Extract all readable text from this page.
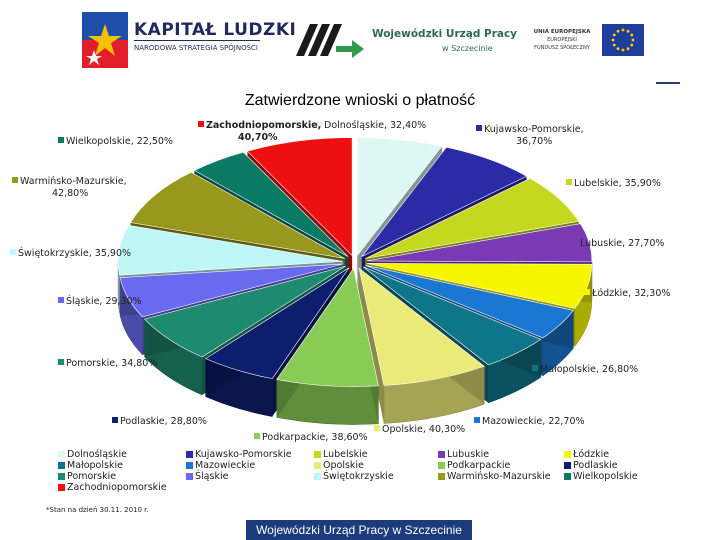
KAPITAŁ LUDZKI
NARODOWA STRATEGIA SPÓJNOŚCI
Wojewódzki Urząd Pracy
w Szczecinie
UNIA EUROPEJSKA
EUROPEJSKI
FUNDUSZ SPOŁECZNY
Zatwierdzone wnioski o płatność
Dolnośląskie, 32,40%	Kujawsko-Pomorskie, 36,70%
Lubelskie, 35,90%
Lubuskie, 27,70%
Łódzkie, 32,30%
Mazowieckie, 22,70%
Małopolskie, 26,80%
Opolskie, 40,30%
Podkarpackie, 38,60%
Podlaskie, 28,80%
Pomorskie, 34,80%
Śląskie, 29,30%
Świętokrzyskie, 35,90%
Warmińsko-Mazurskie, 42,80%
Wielkopolskie, 22,50%
Zachodniopomorskie, 40,70%
Dolnośląskie	Kujawsko-Pomorskie	Lubelskie	Lubuskie	Łódzkie
Małopolskie	Mazowieckie	Opolskie	Podkarpackie	Podlaskie
Pomorskie	Śląskie	Świętokrzyskie	Warmińsko-Mazurskie	Wielkopolskie
Zachodniopomorskie
*Stan na dzień 30.11. 2010 r.
Wojewódzki Urząd Pracy w Szczecinie
